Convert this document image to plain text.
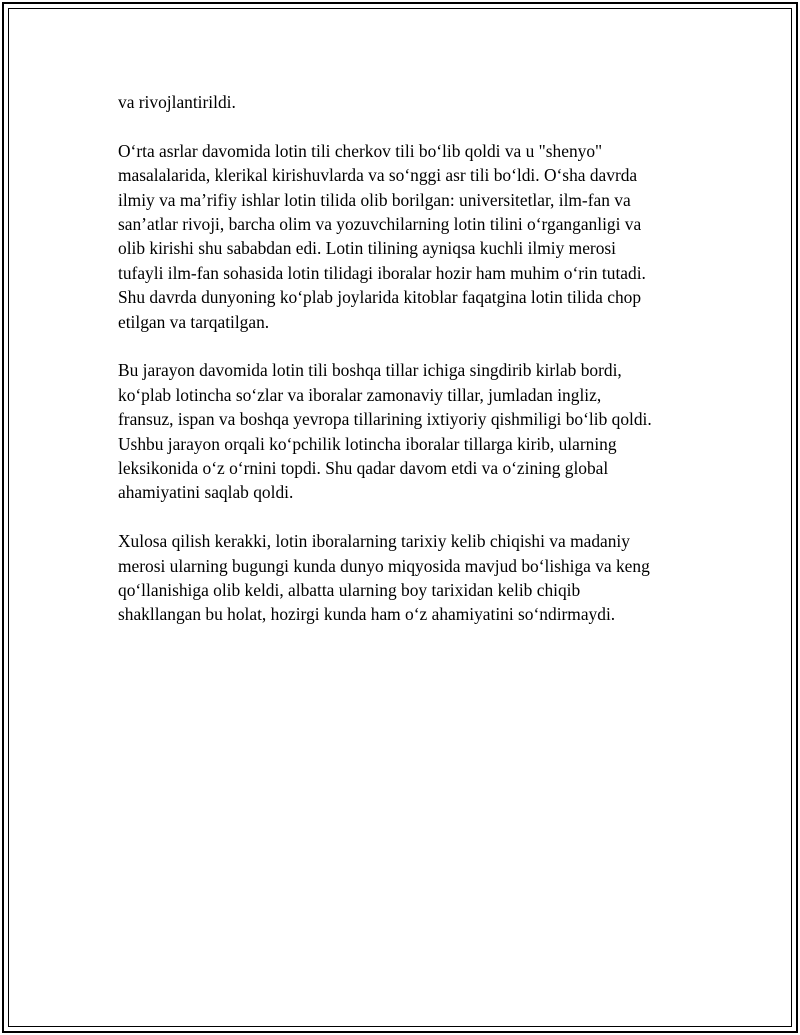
va rivojlantirildi.

O‘rta asrlar davomida lotin tili cherkov tili bo‘lib qoldi va u "shenyo"
masalalarida, klerikal kirishuvlarda va so‘nggi asr tili bo‘ldi. O‘sha davrda
ilmiy va ma’rifiy ishlar lotin tilida olib borilgan: universitetlar, ilm-fan va
san’atlar rivoji, barcha olim va yozuvchilarning lotin tilini o‘rganganligi va
olib kirishi shu sababdan edi. Lotin tilining ayniqsa kuchli ilmiy merosi
tufayli ilm-fan sohasida lotin tilidagi iboralar hozir ham muhim o‘rin tutadi.
Shu davrda dunyoning ko‘plab joylarida kitoblar faqatgina lotin tilida chop
etilgan va tarqatilgan.

Bu jarayon davomida lotin tili boshqa tillar ichiga singdirib kirlab bordi,
ko‘plab lotincha so‘zlar va iboralar zamonaviy tillar, jumladan ingliz,
fransuz, ispan va boshqa yevropa tillarining ixtiyoriy qishmiligi bo‘lib qoldi.
Ushbu jarayon orqali ko‘pchilik lotincha iboralar tillarga kirib, ularning
leksikonida o‘z o‘rnini topdi. Shu qadar davom etdi va o‘zining global
ahamiyatini saqlab qoldi.

Xulosa qilish kerakki, lotin iboralarning tarixiy kelib chiqishi va madaniy
merosi ularning bugungi kunda dunyo miqyosida mavjud bo‘lishiga va keng
qo‘llanishiga olib keldi, albatta ularning boy tarixidan kelib chiqib
shakllangan bu holat, hozirgi kunda ham o‘z ahamiyatini so‘ndirmaydi.
